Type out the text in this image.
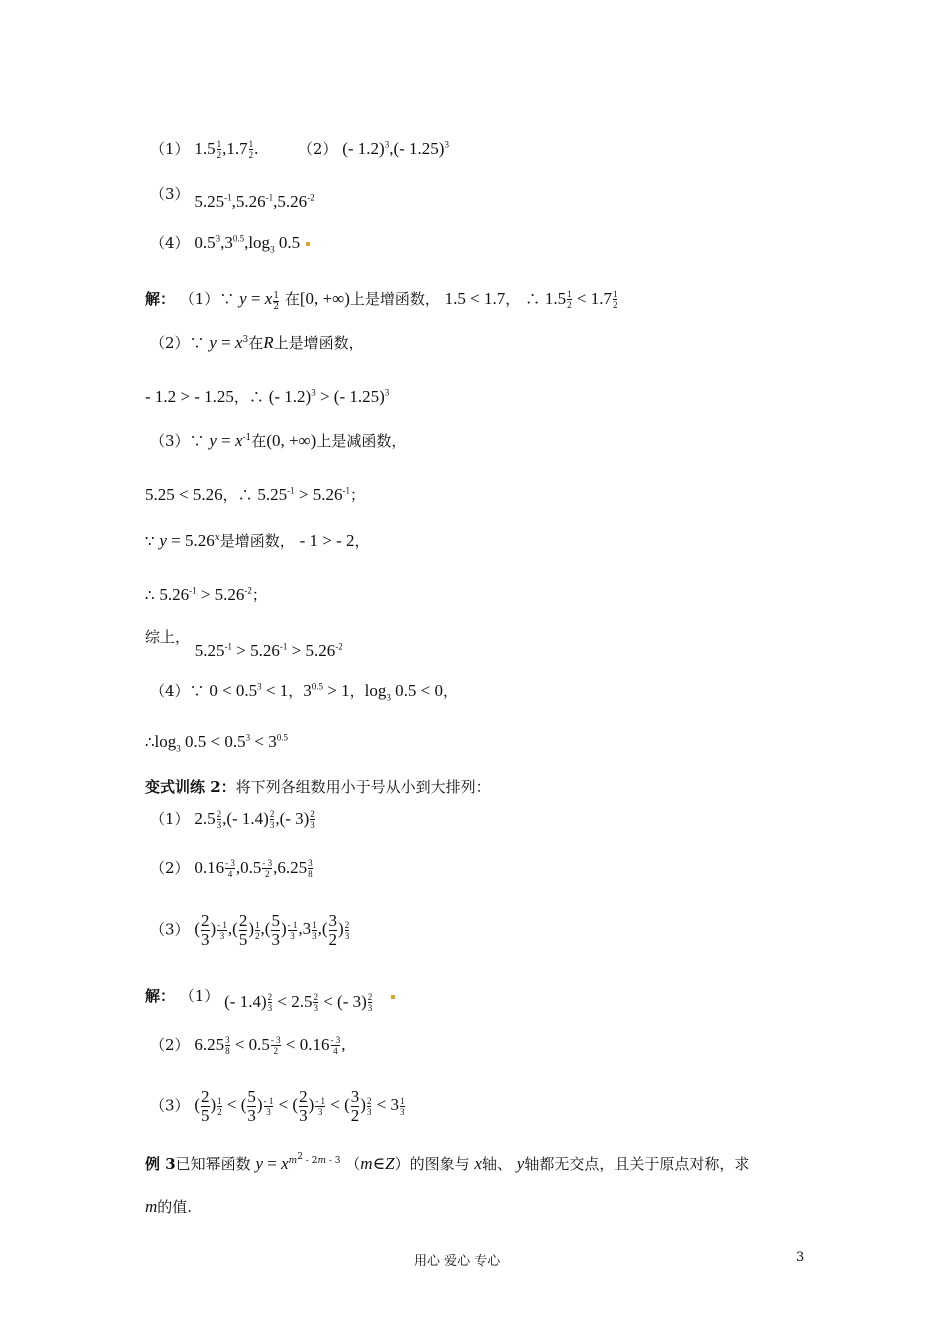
（1） $1.5 \frac{1}{2} ,1.7 \frac{1}{2}$ .	（2） (- 1.2)$^3$,(- 1.25)$^3$
（3） $5.25^{-1},5.26^{-1},5.26^{-2}$
（4） $0.5^3,3^{0.5},\log_3$ 0.5
解： （1）∵ y = x $\frac{1}{2}$ 在[0, +∞)上是增函数， 1.5 < 1.7， ∴ $1.5 \frac{1}{2} < 1.7 \frac{1}{2}$
（2）∵ $y = x^3$在R上是增函数，
- 1.2 > - 1.25，∴ (- 1.2)$^3$ > (- 1.25)$^3$
（3）∵ $y = x^{-1}$在(0, +∞)上是减函数，
5.25 < 5.26，∴ $5.25^{-1} > 5.26^{-1}$；
∵ $y = 5.26^x$是增函数， - 1 > - 2，
∴ $5.26^{-1} > 5.26^{-2}$；
综上， $5.25^{-1} > 5.26^{-1} > 5.26^{-2}$
（4）∵ $0 < 0.5^3 < 1$，$3^{0.5} > 1$，$\log_3 0.5 < 0$，
$\therefore\log_3$ $0.5 < 0.5^3 < 3^{0.5}$
变式训练 2：将下列各组数用小于号从小到大排列：
（1） $2.5 \frac{2}{3}$ ,(- $1.4) \frac{2}{3}$ ,(- $3) \frac{2}{3}$
（2） $0.16 \frac{- 3}{4} ,0.5 \frac{- 3}{2} ,6.25 \frac{3}{8}$
（3） ( $\frac{2}{3}$ ) $\frac{- 1}{3}$ ,( $\frac{2}{5}$ ) $\frac{1}{2}$ ,( $\frac{5}{3}$ ) $\frac{- 1}{3} ,3 \frac{1}{3}$ ,( $\frac{3}{2}$ ) $\frac{2}{3}$
解： （1） (- $1.4) \frac{2}{3} < 2.5 \frac{2}{3}$ < (- $3) \frac{2}{3}$
（2） $6.25 \frac{3}{8} < 0.5 \frac{- 3}{2} < 0.16 \frac{- 3}{4}$ ,
（3） ( $\frac{2}{5}$ ) $\frac{1}{2}$ < ( $\frac{5}{3}$ ) $\frac{- 1}{3}$ < ( $\frac{2}{3}$ ) $\frac{- 1}{3}$ < ( $\frac{3}{2}$ ) $\frac{2}{3} < 3 \frac{1}{3}$
例 3已知幂函数 $y = x^{m^2 - 2m - 3}$ （m∈Z）的图象与 x轴、 y轴都无交点，且关于原点对称，求
m的值.
用心 爱心 专心	3
